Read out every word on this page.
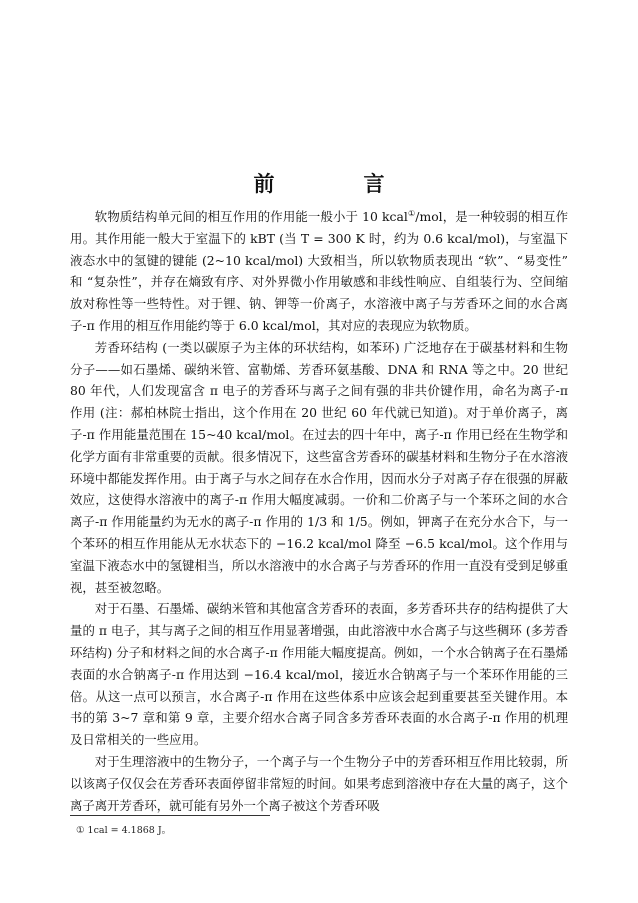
前　言

软物质结构单元间的相互作用的作用能一般小于 10 kcal①/mol，是一种较弱的相互作用。其作用能一般大于室温下的 kBT (当 T = 300 K 时，约为 0.6 kcal/mol)，与室温下液态水中的氢键的键能 (2~10 kcal/mol) 大致相当，所以软物质表现出 “软”、“易变性” 和 “复杂性”，并存在熵致有序、对外界微小作用敏感和非线性响应、自组装行为、空间缩放对称性等一些特性。对于锂、钠、钾等一价离子，水溶液中离子与芳香环之间的水合离子-π 作用的相互作用能约等于 6.0 kcal/mol，其对应的表现应为软物质。

芳香环结构 (一类以碳原子为主体的环状结构，如苯环) 广泛地存在于碳基材料和生物分子——如石墨烯、碳纳米管、富勒烯、芳香环氨基酸、DNA 和 RNA 等之中。20 世纪 80 年代，人们发现富含 π 电子的芳香环与离子之间有强的非共价键作用，命名为离子-π 作用 (注：郝柏林院士指出，这个作用在 20 世纪 60 年代就已知道)。对于单价离子，离子-π 作用能量范围在 15~40 kcal/mol。在过去的四十年中，离子-π 作用已经在生物学和化学方面有非常重要的贡献。很多情况下，这些富含芳香环的碳基材料和生物分子在水溶液环境中都能发挥作用。由于离子与水之间存在水合作用，因而水分子对离子存在很强的屏蔽效应，这使得水溶液中的离子-π 作用大幅度减弱。一价和二价离子与一个苯环之间的水合离子-π 作用能量约为无水的离子-π 作用的 1/3 和 1/5。例如，钾离子在充分水合下，与一个苯环的相互作用能从无水状态下的 −16.2 kcal/mol 降至 −6.5 kcal/mol。这个作用与室温下液态水中的氢键相当，所以水溶液中的水合离子与芳香环的作用一直没有受到足够重视，甚至被忽略。

对于石墨、石墨烯、碳纳米管和其他富含芳香环的表面，多芳香环共存的结构提供了大量的 π 电子，其与离子之间的相互作用显著增强，由此溶液中水合离子与这些稠环 (多芳香环结构) 分子和材料之间的水合离子-π 作用能大幅度提高。例如，一个水合钠离子在石墨烯表面的水合钠离子-π 作用达到 −16.4 kcal/mol，接近水合钠离子与一个苯环作用能的三倍。从这一点可以预言，水合离子-π 作用在这些体系中应该会起到重要甚至关键作用。本书的第 3~7 章和第 9 章，主要介绍水合离子同含多芳香环表面的水合离子-π 作用的机理及日常相关的一些应用。

对于生理溶液中的生物分子，一个离子与一个生物分子中的芳香环相互作用比较弱，所以该离子仅仅会在芳香环表面停留非常短的时间。如果考虑到溶液中存在大量的离子，这个离子离开芳香环，就可能有另外一个离子被这个芳香环吸

① 1cal = 4.1868 J。
